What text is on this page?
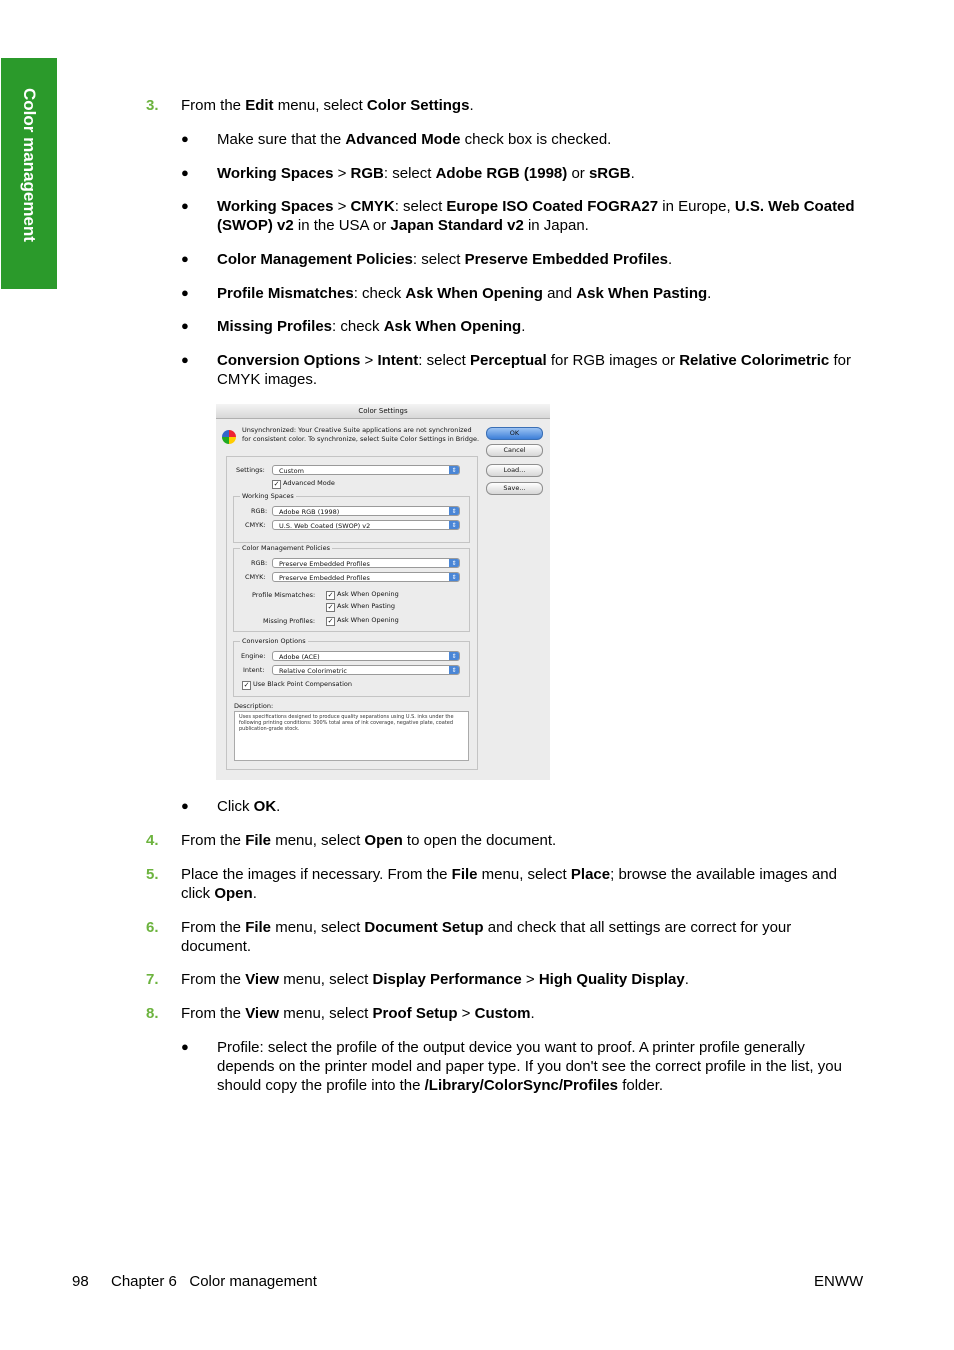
Color management	3. From the Edit menu, select Color Settings.
● Make sure that the Advanced Mode check box is checked.
● Working Spaces > RGB: select Adobe RGB (1998) or sRGB.
● Working Spaces > CMYK: select Europe ISO Coated FOGRA27 in Europe, U.S. Web Coated (SWOP) v2 in the USA or Japan Standard v2 in Japan.
● Color Management Policies: select Preserve Embedded Profiles.
● Profile Mismatches: check Ask When Opening and Ask When Pasting.
● Missing Profiles: check Ask When Opening.
● Conversion Options > Intent: select Perceptual for RGB images or Relative Colorimetric for CMYK images.
Color Settings
Unsynchronized: Your Creative Suite applications are not synchronized for consistent color. To synchronize, select Suite Color Settings in Bridge.
OK
Cancel
Load...
Save...
Settings:	Custom	⇕
✓ Advanced Mode
Working Spaces
RGB:	Adobe RGB (1998)	⇕
CMYK:	U.S. Web Coated (SWOP) v2	⇕
Color Management Policies
RGB:	Preserve Embedded Profiles	⇕
CMYK:	Preserve Embedded Profiles	⇕
Profile Mismatches: ✓ Ask When Opening
✓ Ask When Pasting
Missing Profiles: ✓ Ask When Opening
Conversion Options
Engine:	Adobe (ACE)	⇕
Intent:	Relative Colorimetric	⇕
✓ Use Black Point Compensation
Description:
Uses specifications designed to produce quality separations using U.S. inks under the following printing conditions: 300% total area of ink coverage, negative plate, coated publication-grade stock.
● Click OK.
4. From the File menu, select Open to open the document.
5. Place the images if necessary. From the File menu, select Place; browse the available images and click Open.
6. From the File menu, select Document Setup and check that all settings are correct for your document.
7. From the View menu, select Display Performance > High Quality Display.
8. From the View menu, select Proof Setup > Custom.
● Profile: select the profile of the output device you want to proof. A printer profile generally depends on the printer model and paper type. If you don't see the correct profile in the list, you should copy the profile into the /Library/ColorSync/Profiles folder.
98 Chapter 6   Color management	ENWW
